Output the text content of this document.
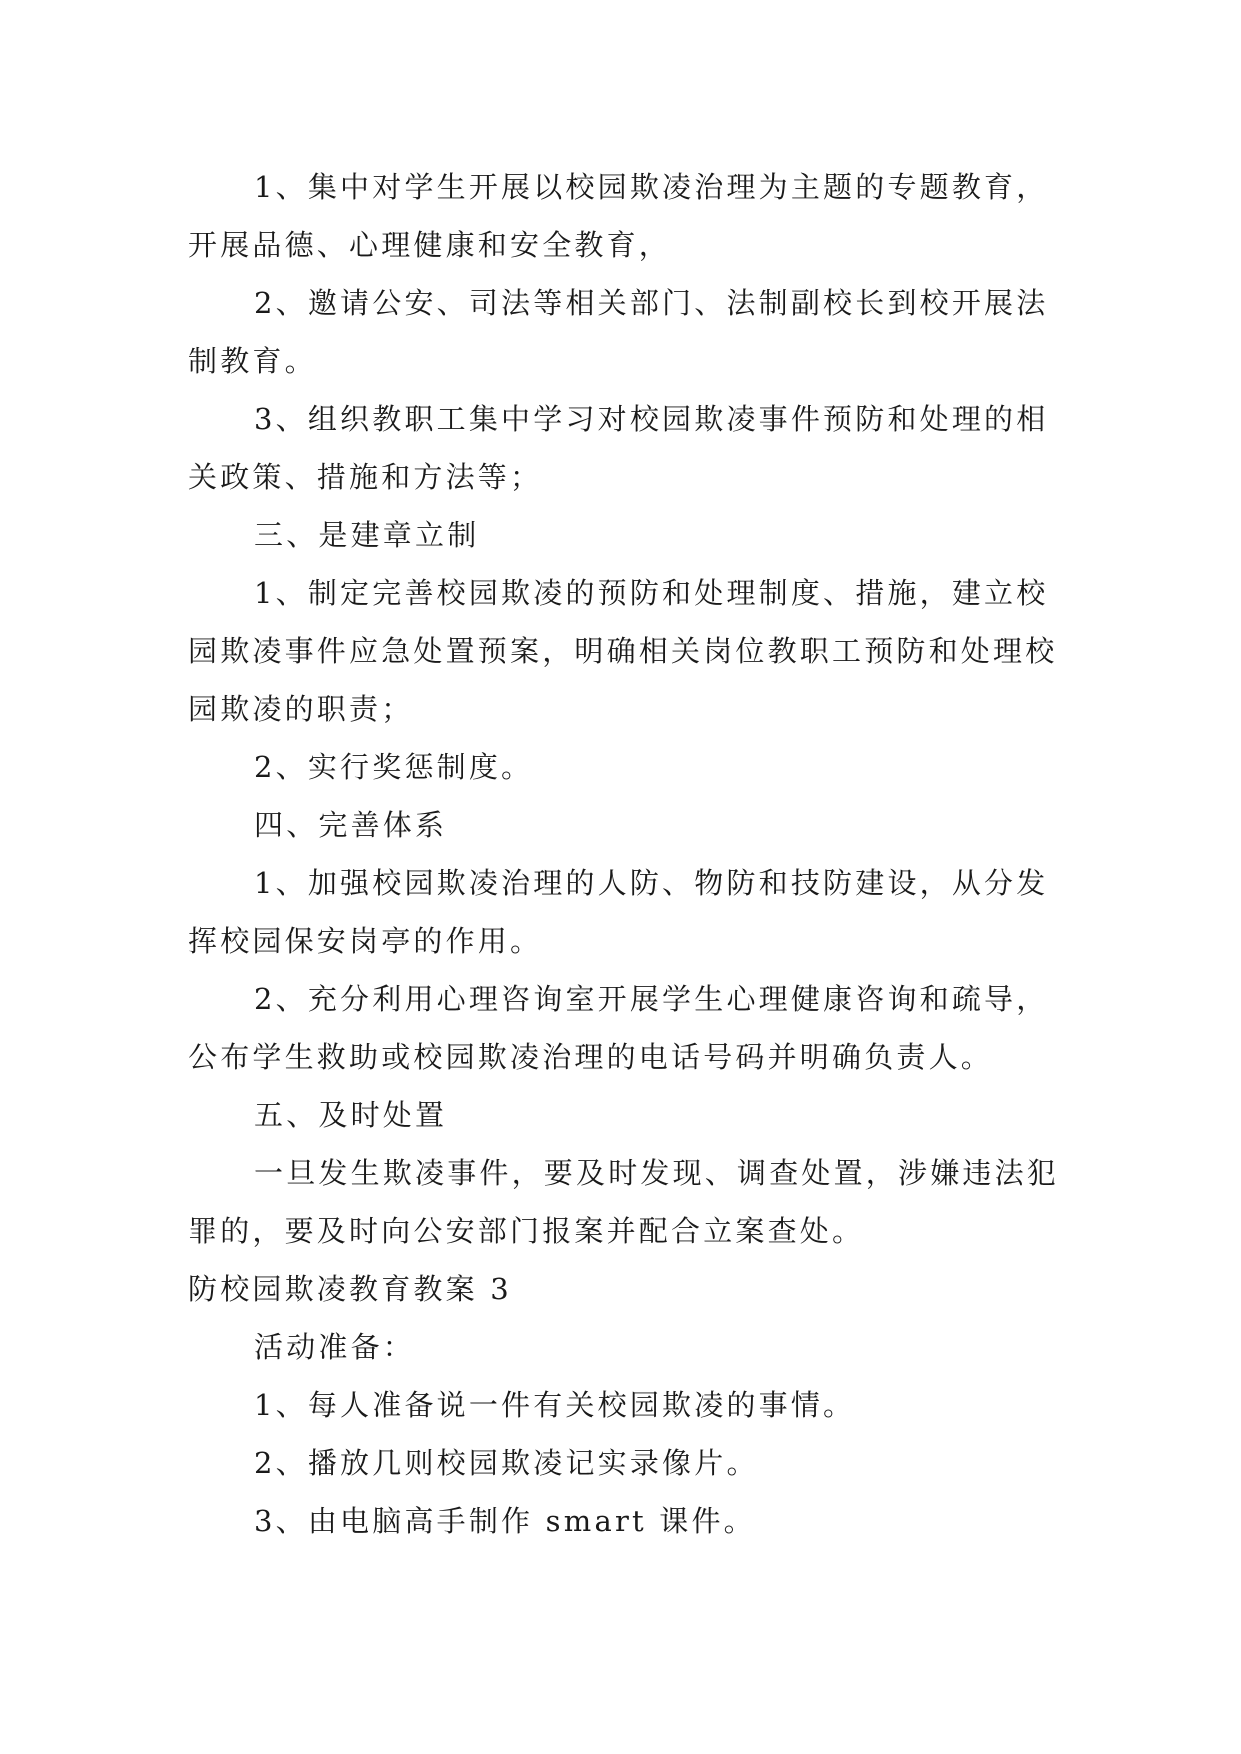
1、集中对学生开展以校园欺凌治理为主题的专题教育，开展品德、心理健康和安全教育，

2、邀请公安、司法等相关部门、法制副校长到校开展法制教育。

3、组织教职工集中学习对校园欺凌事件预防和处理的相关政策、措施和方法等；

三、是建章立制

1、制定完善校园欺凌的预防和处理制度、措施，建立校园欺凌事件应急处置预案，明确相关岗位教职工预防和处理校园欺凌的职责；

2、实行奖惩制度。

四、完善体系

1、加强校园欺凌治理的人防、物防和技防建设，从分发挥校园保安岗亭的作用。

2、充分利用心理咨询室开展学生心理健康咨询和疏导，公布学生救助或校园欺凌治理的电话号码并明确负责人。

五、及时处置

一旦发生欺凌事件，要及时发现、调查处置，涉嫌违法犯罪的，要及时向公安部门报案并配合立案查处。

防校园欺凌教育教案 3

活动准备：

1、每人准备说一件有关校园欺凌的事情。

2、播放几则校园欺凌记实录像片。

3、由电脑高手制作 smart 课件。
